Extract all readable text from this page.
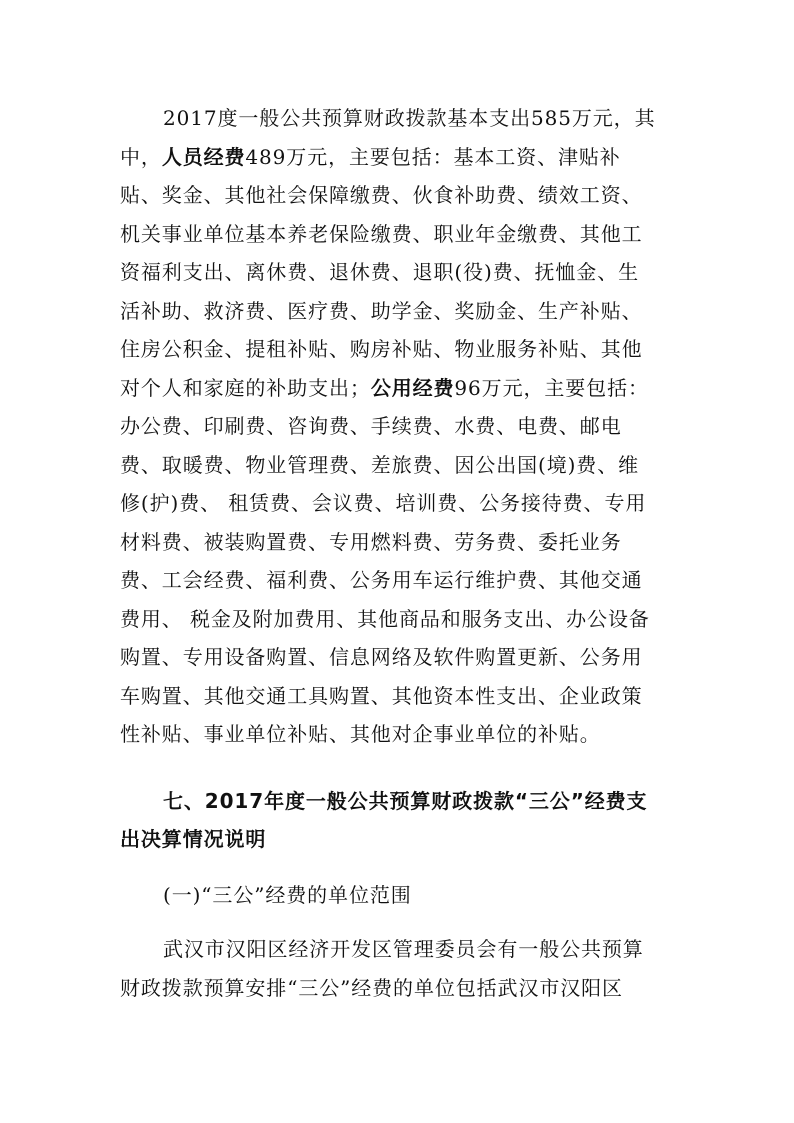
2017度一般公共预算财政拨款基本支出585万元，其
中，人员经费489万元，主要包括：基本工资、津贴补
贴、奖金、其他社会保障缴费、伙食补助费、绩效工资、
机关事业单位基本养老保险缴费、职业年金缴费、其他工
资福利支出、离休费、退休费、退职(役)费、抚恤金、生
活补助、救济费、医疗费、助学金、奖励金、生产补贴、
住房公积金、提租补贴、购房补贴、物业服务补贴、其他
对个人和家庭的补助支出；公用经费96万元，主要包括：
办公费、印刷费、咨询费、手续费、水费、电费、邮电
费、取暖费、物业管理费、差旅费、因公出国(境)费、维
修(护)费、 租赁费、会议费、培训费、公务接待费、专用
材料费、被装购置费、专用燃料费、劳务费、委托业务
费、工会经费、福利费、公务用车运行维护费、其他交通
费用、 税金及附加费用、其他商品和服务支出、办公设备
购置、专用设备购置、信息网络及软件购置更新、公务用
车购置、其他交通工具购置、其他资本性支出、企业政策
性补贴、事业单位补贴、其他对企事业单位的补贴。
七、2017年度一般公共预算财政拨款“三公”经费支
出决算情况说明
(一)“三公”经费的单位范围
武汉市汉阳区经济开发区管理委员会有一般公共预算
财政拨款预算安排“三公”经费的单位包括武汉市汉阳区
